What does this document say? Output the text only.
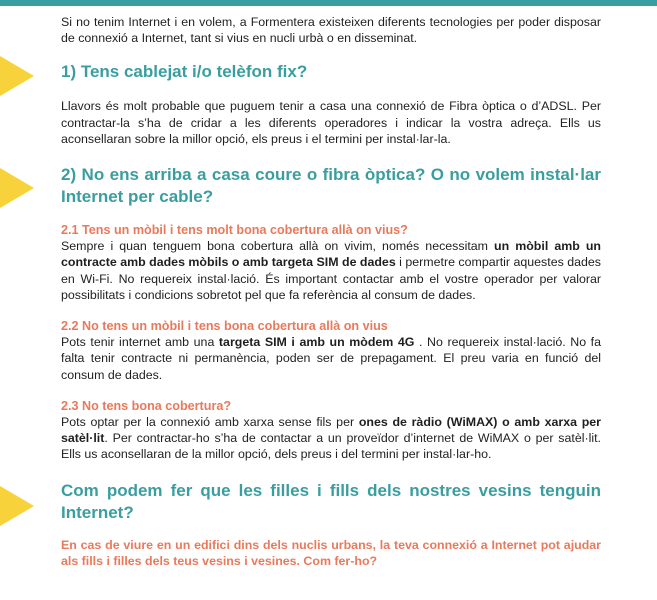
Si no tenim Internet i en volem, a Formentera existeixen diferents tecnologies per poder disposar de connexió a Internet, tant si vius en nucli urbà o en disseminat.

1) Tens cablejat i/o telèfon fix?

Llavors és molt probable que puguem tenir a casa una connexió de Fibra òptica o d’ADSL. Per contractar-la s’ha de cridar a les diferents operadores i indicar la vostra adreça. Ells us aconsellaran sobre la millor opció, els preus i el termini per instal·lar-la.

2) No ens arriba a casa coure o fibra òptica? O no volem instal·lar Internet per cable?
2.1 Tens un mòbil i tens molt bona cobertura allà on vius?

Sempre i quan tenguem bona cobertura allà on vivim, només necessitam un mòbil amb un contracte amb dades mòbils o amb targeta SIM de dades i permetre compartir aquestes dades en Wi-Fi. No requereix instal·lació. És important contactar amb el vostre operador per valorar possibilitats i condicions sobretot pel que fa referència al consum de dades.

2.2 No tens un mòbil i tens bona cobertura allà on vius

Pots tenir internet amb una targeta SIM i amb un mòdem 4G . No requereix instal·lació. No fa falta tenir contracte ni permanència, poden ser de prepagament. El preu varia en funció del consum de dades.

2.3 No tens bona cobertura?

Pots optar per la connexió amb xarxa sense fils per ones de ràdio (WiMAX) o amb xarxa per satèl·lit. Per contractar-ho s’ha de contactar a un proveïdor d’internet de WiMAX o per satèl·lit. Ells us aconsellaran de la millor opció, dels preus i del termini per instal·lar-ho.

Com podem fer que les filles i fills dels nostres vesins tenguin Internet?

En cas de viure en un edifici dins dels nuclis urbans, la teva connexió a Internet pot ajudar als fills i filles dels teus vesins i vesines. Com fer-ho?
